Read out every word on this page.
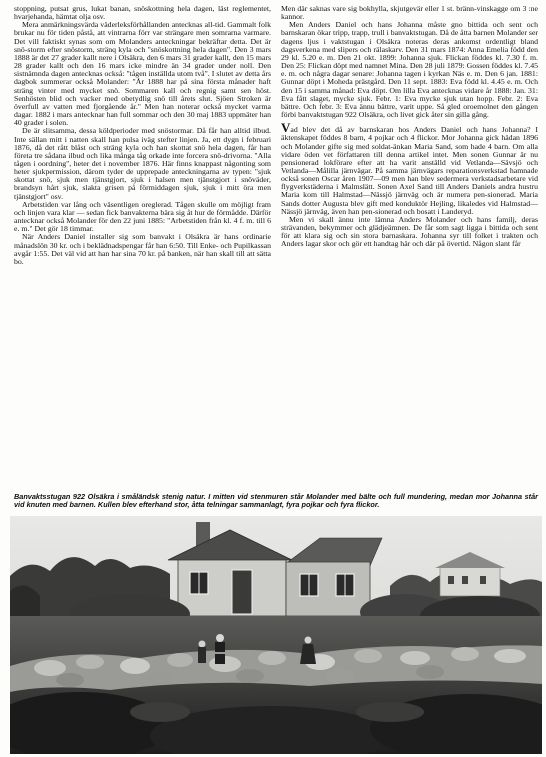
stoppning, putsat grus, lukat banan, snöskottning hela dagen, läst reglementet, hvarjehanda, hämtat olja osv.

Mera anmärkningsvärda väderleksförhållanden antecknas all-tid. Gammalt folk brukar nu för tiden påstå, att vintrarna förr var strängare men somrarna varmare. Det vill faktiskt synas som om Molanders anteckningar bekräftar detta. Det är snö-storm efter snöstorm, stränq kyla och "snöskottning hela dagen". Den 3 mars 1888 är det 27 grader kallt nere i Olsäkra, den 6 mars 31 grader kallt, den 15 mars 28 grader kallt och den 16 mars icke mindre än 34 grader under noll. Den sistnämnda dagen antecknas också: "tågen inställda utom två". I slutet av detta års dagbok summerar också Molander: "År 1888 har på sina första månader haft sträng vinter med mycket snö. Sommaren kall och regnig samt sen höst. Senhösten blid och vacker med obetydlig snö till årets slut. Sjöen Stroken är överfull av vatten med fjorgående år." Men han noterar också mycket varma dagar. 1882 i mars antecknar han full sommar och den 30 maj 1883 uppmäter han 40 grader i solen.

De är slitsamma, dessa köldperioder med snöstormar. Då får han alltid ilbud. Inte sällan mitt i natten skall han pulsa iväg stefter linjen. Ja, ett dygn i februari 1876, då det rått blåst och sträng kyla och han skottat snö hela dagen, får han företa tre sådana ilbud och lika många tåg orkade inte forcera snö-drivorna. "Alla tågen i oordning", heter det i november 1876. Här finns knappast någonting som heter sjukpermission, därom tyder de upprepade anteckningarna av typen: "sjuk skottat snö, sjuk men tjänstgjort, sjuk i halsen men tjänstgjort i snöväder, brandsyn hårt sjuk, slakta grisen på förmiddagen sjuk, sjuk i mitt öra men tjänstgjort" osv.

Arbetstiden var lång och väsentligen oreglerad. Tågen skulle om möjligt fram och linjen vara klar — sedan fick banvakterna bära sig åt hur de förmådde. Därför antecknar också Molander för den 22 juni 1885: "Arbetstiden från kl. 4 f. m. till 6 e. m." Det gör 18 timmar.

När Anders Daniel installer sig som banvakt i Olsäkra är hans ordinarie månadslön 30 kr. och i beklädnadspengar får han 6:50. Till Enke- och Pupilkassan avgår 1:55. Det väl vid att han har sina 70 kr. på banken, när han skall till att sätta bo.

Men där saknas vare sig bokhylla, skjutgevär eller 1 st. bränn-vinskagge om 3 :ne kannor.

Men Anders Daniel och hans Johanna måste gno bittida och sent och barnskaran ökar tripp, trapp, trull i banvaktstugan. Då de åtta barnen Molander ser dagens ljus i vaktstugan i Olsäkra noteras deras ankomst ordentligt bland dagsverkena med slipers och rälaskarv. Den 31 mars 1874: Anna Emelia född den 29 kl. 5.20 e. m. Den 21 okt. 1899: Johanna sjuk. Flickan föddes kl. 7.30 f. m. Den 25: Flickan döpt med namnet Mina. Den 28 juli 1879: Gossen föddes kl. 7.45 e. m. och några dagar senare: Johanna tagen i kyrkan Näs e. m. Den 6 jan. 1881: Gunnar döpt i Moheda prästgård. Den 11 sept. 1883: Eva född kl. 4.45 e. m. Och den 15 i samma månad: Eva döpt. Om lilla Eva antecknas vidare år 1888: Jan. 31: Eva fått slaget, mycke sjuk. Febr. 1: Eva mycke sjuk utan hopp. Febr. 2: Eva bättre. Och febr. 3: Eva ännu bättre, varit uppe. Så gled oroemolnet den gången förbi banvaktstugan 922 Olsäkra, och livet gick åter sin gilla gång.

Vad blev det då av barnskaran hos Anders Daniel och hans Johanna? I äktenskapet föddes 8 barn, 4 pojkar och 4 flickor. Mor Johanna gick hädan 1896 och Molander gifte sig med soldat-änkan Maria Sand, som hade 4 barn. Om alla vidare öden vet författaren till denna artikel intet. Men sonen Gunnar är nu pensionerad lokförare efter att ha varit anställd vid Vetlanda—Sävsjö och Vetlanda—Målilla järnvägar. På samma järnvägars reparationsverkstad hamnade också sonen Oscar åren 1907—09 men han blev sedermera verkstadsarbetare vid flygverkstäderna i Malmslätt. Sonen Axel Sand till Anders Daniels andra hustru Maria kom till Halmstad—Nässjö järnväg och är numera pen-sionerad. Maria Sands dotter Augusta blev gift med konduktör Hejling, likaledes vid Halmstad—Nässjö järnväg, även han pen-sionerad och bosatt i Landeryd.

Men vi skall ännu inte lämna Anders Molander och hans familj, deras strävanden, bekymmer och glädjeämnen. De får som sagt ligga i bittida och sent för att klara sig och sin stora barnaskara. Johanna syr till folket i trakten och Anders lagar skor och gör ett handtag här och där på övertid. Någon slant får

Banvaktsstugan 922 Olsäkra i småländsk stenig natur. I mitten vid stenmuren står Molander med bälte och full mundering, medan mor Johanna står vid knuten med barnen. Kullen blev efterhand stor, åtta telningar sammanlagt, fyra pojkar och fyra flickor.
